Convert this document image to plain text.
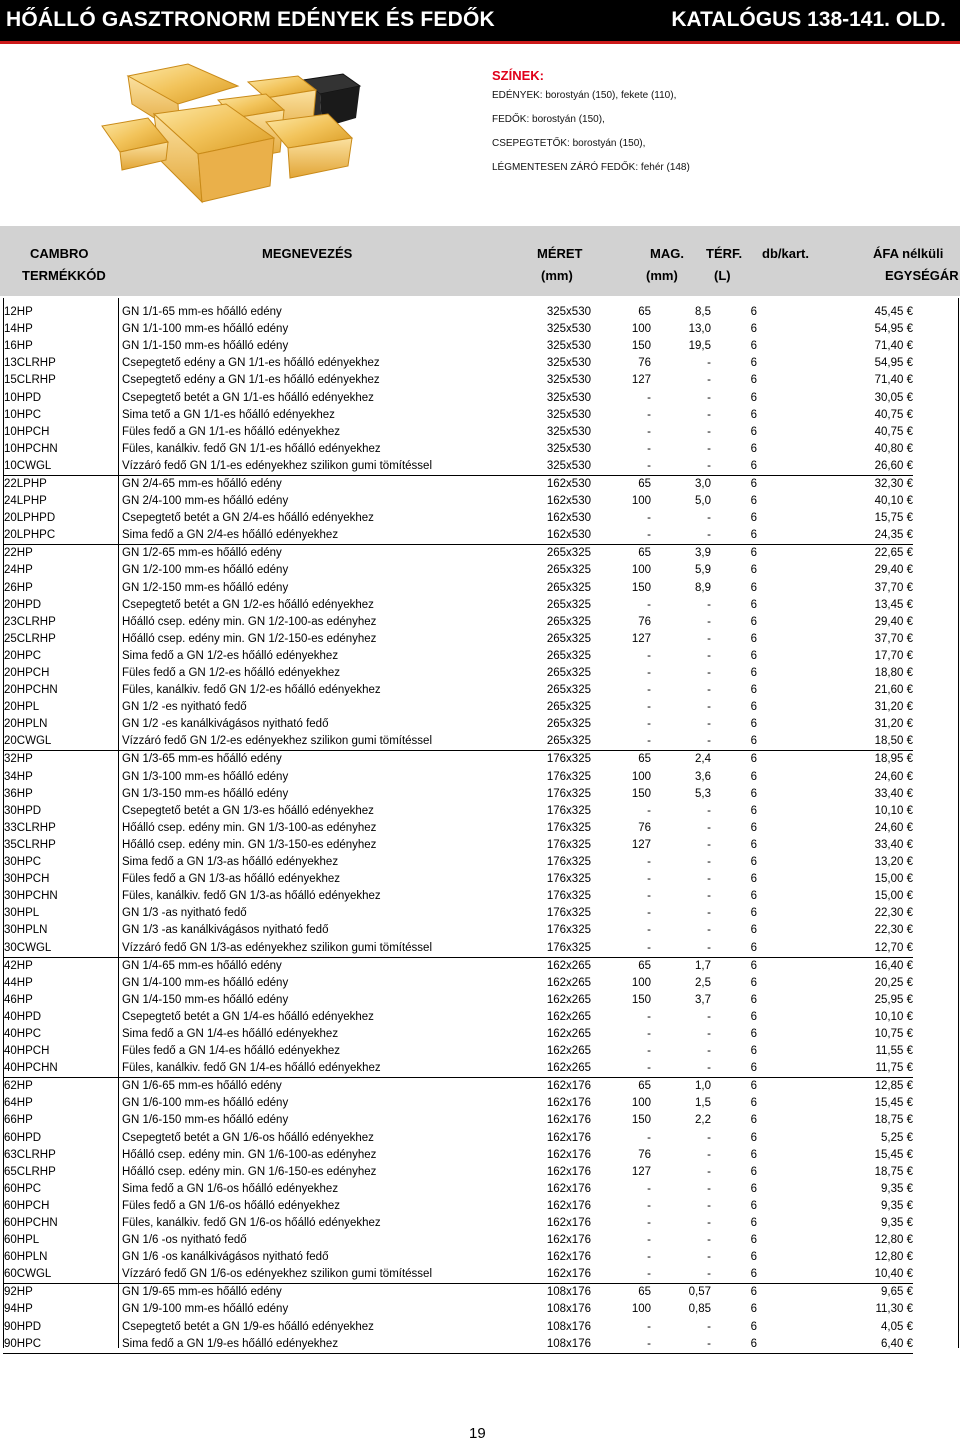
HŐÁLLÓ GASZTRONORM EDÉNYEK ÉS FEDŐK	KATALÓGUS 138-141. OLD.
SZÍNEK:
EDÉNYEK: borostyán (150), fekete (110),
FEDŐK: borostyán (150),
CSEPEGTETŐK: borostyán (150),
LÉGMENTESEN ZÁRÓ FEDŐK: fehér (148)
CAMBRO	MEGNEVEZÉS	MÉRET	MAG. TÉRF. db/kart.	ÁFA nélküli
TERMÉKKÓD	(mm)	(mm)	(L)	EGYSÉGÁR
12HP	GN 1/1-65 mm-es hőálló edény	325x530	65	8,5	6	45,45 €
14HP	GN 1/1-100 mm-es hőálló edény	325x530	100	13,0	6	54,95 €
16HP	GN 1/1-150 mm-es hőálló edény	325x530	150	19,5	6	71,40 €
13CLRHP	Csepegtető edény a GN 1/1-es hőálló edényekhez	325x530	76	-	6	54,95 €
15CLRHP	Csepegtető edény a GN 1/1-es hőálló edényekhez	325x530	127	-	6	71,40 €
10HPD	Csepegtető betét a GN 1/1-es hőálló edényekhez	325x530	-	-	6	30,05 €
10HPC	Sima tető a GN 1/1-es hőálló edényekhez	325x530	-	-	6	40,75 €
10HPCH	Füles fedő a GN 1/1-es hőálló edényekhez	325x530	-	-	6	40,75 €
10HPCHN	Füles, kanálkiv. fedő GN 1/1-es hőálló edényekhez	325x530	-	-	6	40,80 €
10CWGL	Vízzáró fedő GN 1/1-es edényekhez szilikon gumi tömítéssel	325x530	-	-	6	26,60 €
22LPHP	GN 2/4-65 mm-es hőálló edény	162x530	65	3,0	6	32,30 €
24LPHP	GN 2/4-100 mm-es hőálló edény	162x530	100	5,0	6	40,10 €
20LPHPD	Csepegtető betét a GN 2/4-es hőálló edényekhez	162x530	-	-	6	15,75 €
20LPHPC	Sima fedő a GN 2/4-es hőálló edényekhez	162x530	-	-	6	24,35 €
22HP	GN 1/2-65 mm-es hőálló edény	265x325	65	3,9	6	22,65 €
24HP	GN 1/2-100 mm-es hőálló edény	265x325	100	5,9	6	29,40 €
26HP	GN 1/2-150 mm-es hőálló edény	265x325	150	8,9	6	37,70 €
20HPD	Csepegtető betét a GN 1/2-es hőálló edényekhez	265x325	-	-	6	13,45 €
23CLRHP	Hőálló csep. edény min. GN 1/2-100-as edényhez	265x325	76	-	6	29,40 €
25CLRHP	Hőálló csep. edény min. GN 1/2-150-es edényhez	265x325	127	-	6	37,70 €
20HPC	Sima fedő a GN 1/2-es hőálló edényekhez	265x325	-	-	6	17,70 €
20HPCH	Füles fedő a GN 1/2-es hőálló edényekhez	265x325	-	-	6	18,80 €
20HPCHN	Füles, kanálkiv. fedő GN 1/2-es hőálló edényekhez	265x325	-	-	6	21,60 €
20HPL	GN 1/2 -es nyitható fedő	265x325	-	-	6	31,20 €
20HPLN	GN 1/2 -es kanálkivágásos nyitható fedő	265x325	-	-	6	31,20 €
20CWGL	Vízzáró fedő GN 1/2-es edényekhez szilikon gumi tömítéssel	265x325	-	-	6	18,50 €
32HP	GN 1/3-65 mm-es hőálló edény	176x325	65	2,4	6	18,95 €
34HP	GN 1/3-100 mm-es hőálló edény	176x325	100	3,6	6	24,60 €
36HP	GN 1/3-150 mm-es hőálló edény	176x325	150	5,3	6	33,40 €
30HPD	Csepegtető betét a GN 1/3-es hőálló edényekhez	176x325	-	-	6	10,10 €
33CLRHP	Hőálló csep. edény min. GN 1/3-100-as edényhez	176x325	76	-	6	24,60 €
35CLRHP	Hőálló csep. edény min. GN 1/3-150-es edényhez	176x325	127	-	6	33,40 €
30HPC	Sima fedő a GN 1/3-as hőálló edényekhez	176x325	-	-	6	13,20 €
30HPCH	Füles fedő a GN 1/3-as hőálló edényekhez	176x325	-	-	6	15,00 €
30HPCHN	Füles, kanálkiv. fedő GN 1/3-as hőálló edényekhez	176x325	-	-	6	15,00 €
30HPL	GN 1/3 -as nyitható fedő	176x325	-	-	6	22,30 €
30HPLN	GN 1/3 -as kanálkivágásos nyitható fedő	176x325	-	-	6	22,30 €
30CWGL	Vízzáró fedő GN 1/3-as edényekhez szilikon gumi tömítéssel	176x325	-	-	6	12,70 €
42HP	GN 1/4-65 mm-es hőálló edény	162x265	65	1,7	6	16,40 €
44HP	GN 1/4-100 mm-es hőálló edény	162x265	100	2,5	6	20,25 €
46HP	GN 1/4-150 mm-es hőálló edény	162x265	150	3,7	6	25,95 €
40HPD	Csepegtető betét a GN 1/4-es hőálló edényekhez	162x265	-	-	6	10,10 €
40HPC	Sima fedő a GN 1/4-es hőálló edényekhez	162x265	-	-	6	10,75 €
40HPCH	Füles fedő a GN 1/4-es hőálló edényekhez	162x265	-	-	6	11,55 €
40HPCHN	Füles, kanálkiv. fedő GN 1/4-es hőálló edényekhez	162x265	-	-	6	11,75 €
62HP	GN 1/6-65 mm-es hőálló edény	162x176	65	1,0	6	12,85 €
64HP	GN 1/6-100 mm-es hőálló edény	162x176	100	1,5	6	15,45 €
66HP	GN 1/6-150 mm-es hőálló edény	162x176	150	2,2	6	18,75 €
60HPD	Csepegtető betét a GN 1/6-os hőálló edényekhez	162x176	-	-	6	5,25 €
63CLRHP	Hőálló csep. edény min. GN 1/6-100-as edényhez	162x176	76	-	6	15,45 €
65CLRHP	Hőálló csep. edény min. GN 1/6-150-es edényhez	162x176	127	-	6	18,75 €
60HPC	Sima fedő a GN 1/6-os hőálló edényekhez	162x176	-	-	6	9,35 €
60HPCH	Füles fedő a GN 1/6-os hőálló edényekhez	162x176	-	-	6	9,35 €
60HPCHN	Füles, kanálkiv. fedő GN 1/6-os hőálló edényekhez	162x176	-	-	6	9,35 €
60HPL	GN 1/6 -os nyitható fedő	162x176	-	-	6	12,80 €
60HPLN	GN 1/6 -os kanálkivágásos nyitható fedő	162x176	-	-	6	12,80 €
60CWGL	Vízzáró fedő GN 1/6-os edényekhez szilikon gumi tömítéssel	162x176	-	-	6	10,40 €
92HP	GN 1/9-65 mm-es hőálló edény	108x176	65	0,57	6	9,65 €
94HP	GN 1/9-100 mm-es hőálló edény	108x176	100	0,85	6	11,30 €
90HPD	Csepegtető betét a GN 1/9-es hőálló edényekhez	108x176	-	-	6	4,05 €
90HPC	Sima fedő a GN 1/9-es hőálló edényekhez	108x176	-	-	6	6,40 €
19
